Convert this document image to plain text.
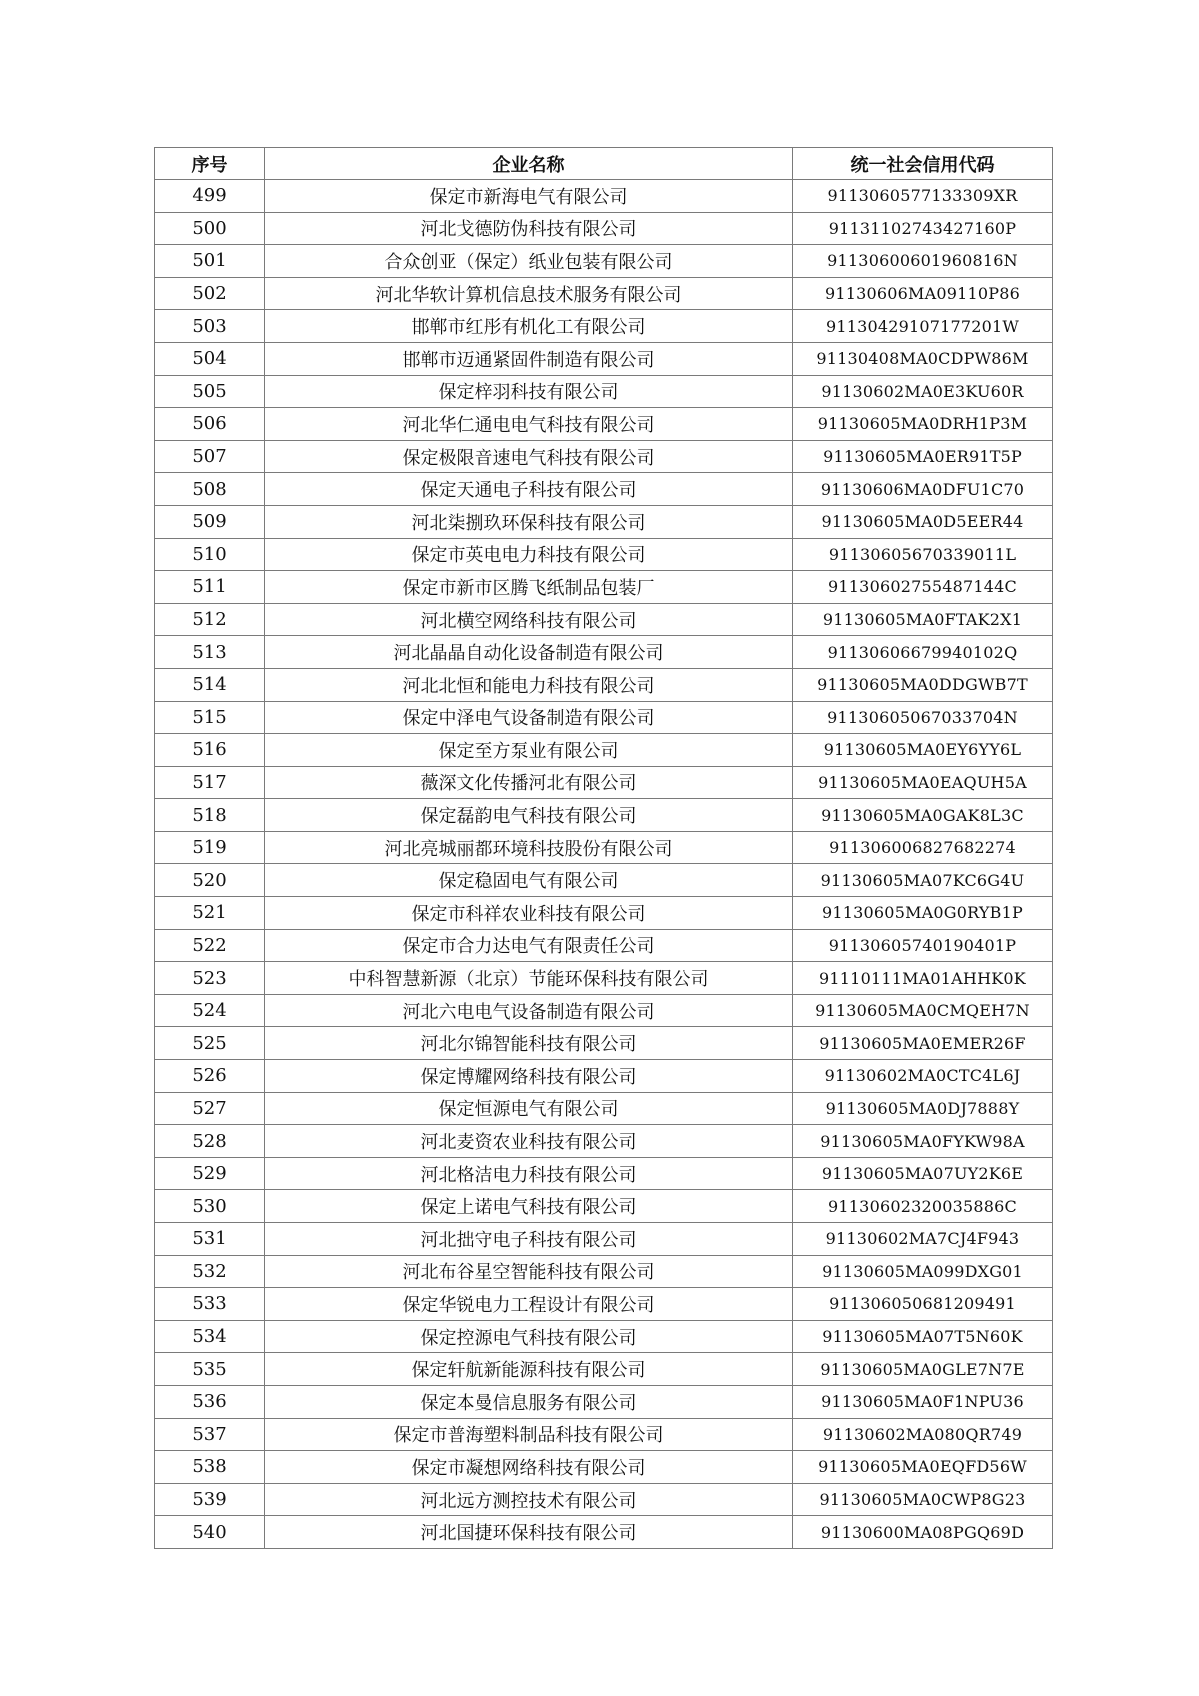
序号	企业名称	统一社会信用代码
499	保定市新海电气有限公司	9113060577133309XR
500	河北戈德防伪科技有限公司	91131102743427160P
501	合众创亚（保定）纸业包装有限公司	91130600601960816N
502	河北华软计算机信息技术服务有限公司	91130606MA09110P86
503	邯郸市红彤有机化工有限公司	91130429107177201W
504	邯郸市迈通紧固件制造有限公司	91130408MA0CDPW86M
505	保定梓羽科技有限公司	91130602MA0E3KU60R
506	河北华仁通电电气科技有限公司	91130605MA0DRH1P3M
507	保定极限音速电气科技有限公司	91130605MA0ER91T5P
508	保定天通电子科技有限公司	91130606MA0DFU1C70
509	河北柒捌玖环保科技有限公司	91130605MA0D5EER44
510	保定市英电电力科技有限公司	91130605670339011L
511	保定市新市区腾飞纸制品包装厂	91130602755487144C
512	河北横空网络科技有限公司	91130605MA0FTAK2X1
513	河北晶晶自动化设备制造有限公司	91130606679940102Q
514	河北北恒和能电力科技有限公司	91130605MA0DDGWB7T
515	保定中泽电气设备制造有限公司	91130605067033704N
516	保定至方泵业有限公司	91130605MA0EY6YY6L
517	薇深文化传播河北有限公司	91130605MA0EAQUH5A
518	保定磊韵电气科技有限公司	91130605MA0GAK8L3C
519	河北亮城丽都环境科技股份有限公司	911306006827682274
520	保定稳固电气有限公司	91130605MA07KC6G4U
521	保定市科祥农业科技有限公司	91130605MA0G0RYB1P
522	保定市合力达电气有限责任公司	91130605740190401P
523	中科智慧新源（北京）节能环保科技有限公司	91110111MA01AHHK0K
524	河北六电电气设备制造有限公司	91130605MA0CMQEH7N
525	河北尔锦智能科技有限公司	91130605MA0EMER26F
526	保定博耀网络科技有限公司	91130602MA0CTC4L6J
527	保定恒源电气有限公司	91130605MA0DJ7888Y
528	河北麦资农业科技有限公司	91130605MA0FYKW98A
529	河北格洁电力科技有限公司	91130605MA07UY2K6E
530	保定上诺电气科技有限公司	91130602320035886C
531	河北拙守电子科技有限公司	91130602MA7CJ4F943
532	河北布谷星空智能科技有限公司	91130605MA099DXG01
533	保定华锐电力工程设计有限公司	911306050681209491
534	保定控源电气科技有限公司	91130605MA07T5N60K
535	保定轩航新能源科技有限公司	91130605MA0GLE7N7E
536	保定本曼信息服务有限公司	91130605MA0F1NPU36
537	保定市普海塑料制品科技有限公司	91130602MA080QR749
538	保定市凝想网络科技有限公司	91130605MA0EQFD56W
539	河北远方测控技术有限公司	91130605MA0CWP8G23
540	河北国捷环保科技有限公司	91130600MA08PGQ69D
